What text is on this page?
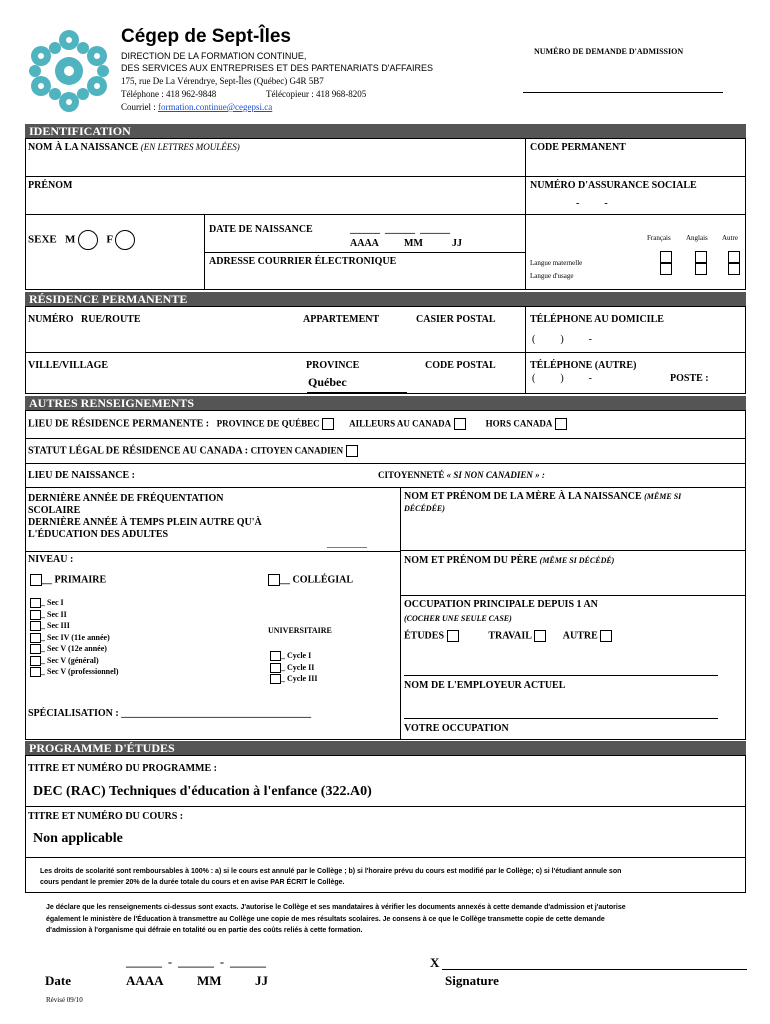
Cégep de Sept-Îles
DIRECTION DE LA FORMATION CONTINUE,
DES SERVICES AUX ENTREPRISES ET DES PARTENARIATS D'AFFAIRES
175, rue De La Vérendrye, Sept-Îles (Québec) G4R 5B7
Téléphone : 418 962-9848	Télécopieur : 418 968-8205
Courriel : formation.continue@cegepsi.ca
NUMÉRO DE DEMANDE D'ADMISSION
IDENTIFICATION
NOM À LA NAISSANCE (EN LETTRES MOULÉES)	CODE PERMANENT
PRÉNOM	NUMÉRO D'ASSURANCE SOCIALE
-          -
SEXE M	F
DATE DE NAISSANCE	______  ______  ______
AAAA	MM	JJ
ADRESSE COURRIER ÉLECTRONIQUE
Français Anglais Autre
Langue maternelle
Langue d'usage

RÉSIDENCE PERMANENTE
NUMÉRO   RUE/ROUTE	APPARTEMENT	CASIER POSTAL	TÉLÉPHONE AU DOMICILE
(          )          -
VILLE/VILLAGE	PROVINCE
Québec
CODE POSTAL	TÉLÉPHONE (AUTRE)
(          )          -	POSTE :
AUTRES RENSEIGNEMENTS
LIEU DE RÉSIDENCE PERMANENTE : PROVINCE DE QUÉBEC	AILLEURS AU CANADA	HORS CANADA
STATUT LÉGAL DE RÉSIDENCE AU CANADA : CITOYEN CANADIEN
LIEU DE NAISSANCE :	CITOYENNETÉ « SI NON CANADIEN » :
DERNIÈRE ANNÉE DE FRÉQUENTATION
SCOLAIRE
DERNIÈRE ANNÉE À TEMPS PLEIN AUTRE QU'À
L'ÉDUCATION DES ADULTES
________
NIVEAU :
NOM ET PRÉNOM DE LA MÈRE À LA NAISSANCE (MÊME SI
DÉCÉDÉE)
NOM ET PRÉNOM DU PÈRE (MÊME SI DÉCÉDÉ)
__ PRIMAIRE	__ COLLÉGIAL
_ Sec I
_ Sec II
_ Sec III
_ Sec IV (11e année)
_ Sec V (12e année)
_ Sec V (général)
_ Sec V (professionnel)
UNIVERSITAIRE
_ Cycle I
_ Cycle II
_ Cycle III
SPÉCIALISATION : ______________________________________
OCCUPATION PRINCIPALE DEPUIS 1 AN
(COCHER UNE SEULE CASE)
ÉTUDES	TRAVAIL	AUTRE
NOM DE L'EMPLOYEUR ACTUEL
VOTRE OCCUPATION
PROGRAMME D'ÉTUDES
TITRE ET NUMÉRO DU PROGRAMME :
DEC (RAC) Techniques d'éducation à l'enfance (322.A0)
TITRE ET NUMÉRO DU COURS :
Non applicable
Les droits de scolarité sont remboursables à 100% : a) si le cours est annulé par le Collège ; b) si l'horaire prévu du cours est modifié par le Collège; c) si l'étudiant annule son
cours pendant le premier 20% de la durée totale du cours et en avise PAR ÉCRIT le Collège.
Je déclare que les renseignements ci-dessus sont exacts. J'autorise le Collège et ses mandataires à vérifier les documents annexés à cette demande d'admission et j'autorise
également le ministère de l'Éducation à transmettre au Collège une copie de mes résultats scolaires. Je consens à ce que le Collège transmette copie de cette demande
d'admission à l'organisme qui défraie en totalité ou en partie des coûts reliés à cette formation.
______  -  ______  -  ______
Date	AAAA	MM	JJ
X
Signature
Révisé 09/10
